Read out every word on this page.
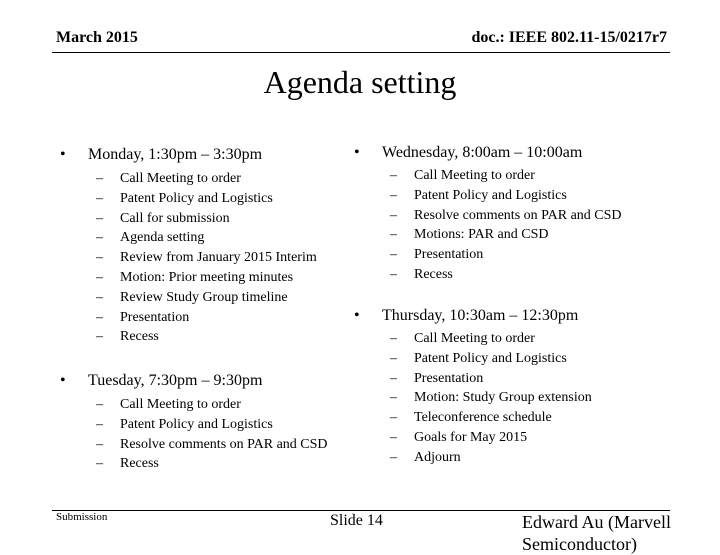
March 2015	doc.: IEEE 802.11-15/0217r7
Agenda setting
• Monday, 1:30pm – 3:30pm
– Call Meeting to order
– Patent Policy and Logistics
– Call for submission
– Agenda setting
– Review from January 2015 Interim
– Motion: Prior meeting minutes
– Review Study Group timeline
– Presentation
– Recess
• Tuesday, 7:30pm – 9:30pm
– Call Meeting to order
– Patent Policy and Logistics
– Resolve comments on PAR and CSD
– Recess
• Wednesday, 8:00am – 10:00am
– Call Meeting to order
– Patent Policy and Logistics
– Resolve comments on PAR and CSD
– Motions: PAR and CSD
– Presentation
– Recess
• Thursday, 10:30am – 12:30pm
– Call Meeting to order
– Patent Policy and Logistics
– Presentation
– Motion: Study Group extension
– Teleconference schedule
– Goals for May 2015
– Adjourn
Submission	Slide 14	Edward Au (Marvell
Semiconductor)
